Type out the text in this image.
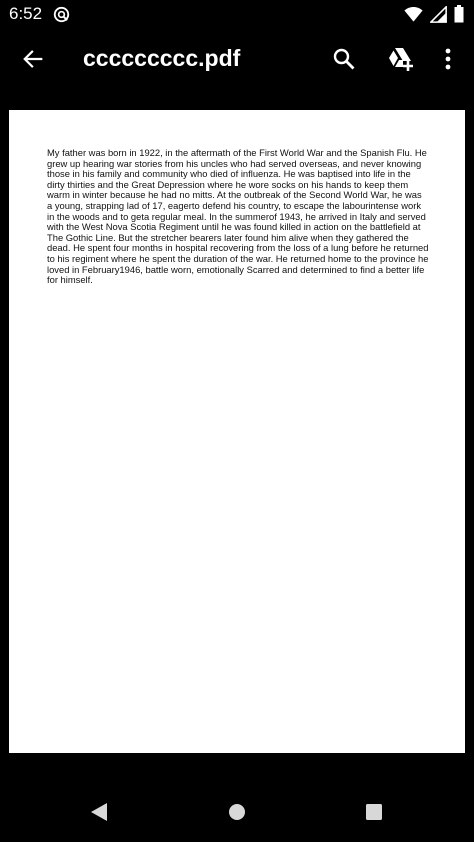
6:52
ccccccccc.pdf
My father was born in 1922, in the aftermath of the First World War and the Spanish Flu. He grew up hearing war stories from his uncles who had served overseas, and never knowing those in his family and community who died of influenza. He was baptised into life in the dirty thirties and the Great Depression where he wore socks on his hands to keep them warm in winter because he had no mitts. At the outbreak of the Second World War, he was a young, strapping lad of 17, eagerto defend his country, to escape the labourintense work in the woods and to geta regular meal. In the summerof 1943, he arrived in Italy and served with the West Nova Scotia Regiment until he was found killed in action on the battlefield at The Gothic Line. But the stretcher bearers later found him alive when they gathered the dead. He spent four months in hospital recovering from the loss of a lung before he returned to his regiment where he spent the duration of the war. He returned home to the province he loved in February1946, battle worn, emotionally Scarred and determined to find a better life for himself.
